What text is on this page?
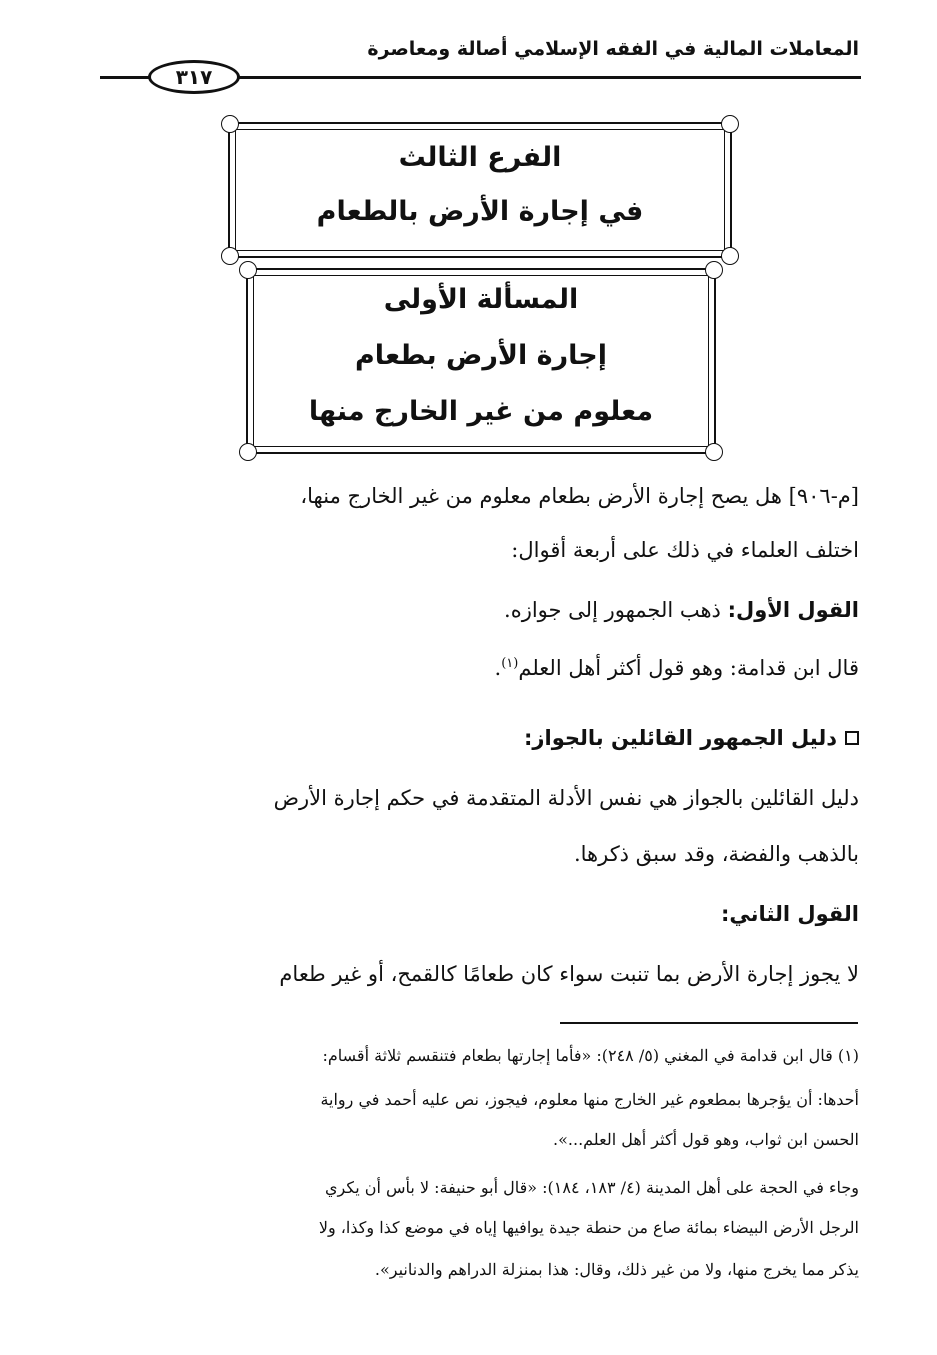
المعاملات المالية في الفقه الإسلامي أصالة ومعاصرة
٣١٧
الفرع الثالث
في إجارة الأرض بالطعام
المسألة الأولى
إجارة الأرض بطعام
معلوم من غير الخارج منها
[م-٩٠٦] هل يصح إجارة الأرض بطعام معلوم من غير الخارج منها،
اختلف العلماء في ذلك على أربعة أقوال:
القول الأول: ذهب الجمهور إلى جوازه.
قال ابن قدامة: وهو قول أكثر أهل العلم$^{(١)}$.
دليل الجمهور القائلين بالجواز:
دليل القائلين بالجواز هي نفس الأدلة المتقدمة في حكم إجارة الأرض
بالذهب والفضة، وقد سبق ذكرها.
القول الثاني:
لا يجوز إجارة الأرض بما تنبت سواء كان طعامًا كالقمح، أو غير طعام
(١) قال ابن قدامة في المغني (٥/ ٢٤٨): «فأما إجارتها بطعام فتنقسم ثلاثة أقسام:
أحدها: أن يؤجرها بمطعوم غير الخارج منها معلوم، فيجوز، نص عليه أحمد في رواية
الحسن ابن ثواب، وهو قول أكثر أهل العلم...».
وجاء في الحجة على أهل المدينة (٤/ ١٨٣، ١٨٤): «قال أبو حنيفة: لا بأس أن يكري
الرجل الأرض البيضاء بمائة صاع من حنطة جيدة يوافيها إياه في موضع كذا وكذا، ولا
يذكر مما يخرج منها، ولا من غير ذلك، وقال: هذا بمنزلة الدراهم والدنانير».
